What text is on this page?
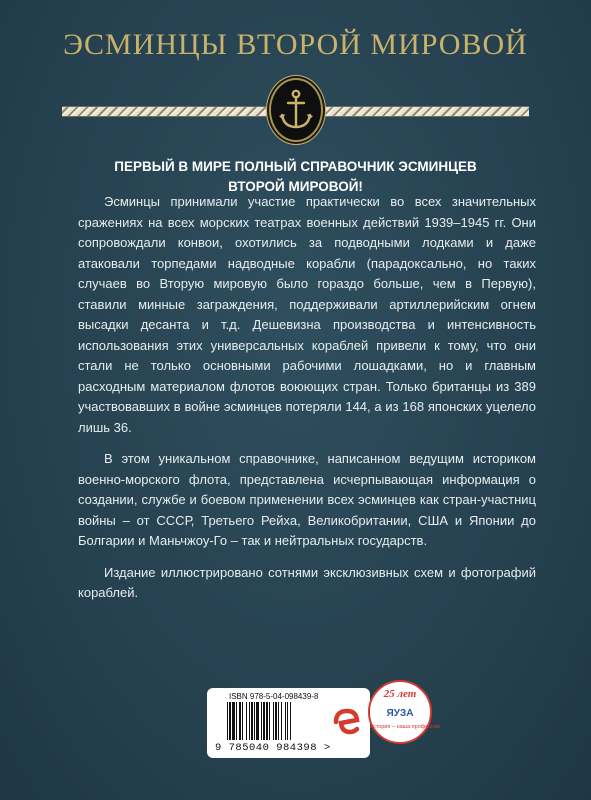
ЭСМИНЦЫ ВТОРОЙ МИРОВОЙ
ПЕРВЫЙ В МИРЕ ПОЛНЫЙ СПРАВОЧНИК ЭСМИНЦЕВ
ВТОРОЙ МИРОВОЙ!

Эсминцы принимали участие практически во всех значительных сражениях на всех морских театрах военных действий 1939–1945 гг. Они сопровождали конвои, охотились за подводными лодками и даже атаковали торпедами надводные корабли (парадоксально, но таких случаев во Вторую мировую было гораздо больше, чем в Первую), ставили минные заграждения, поддерживали артиллерийским огнем высадки десанта и т.д. Дешевизна производства и интенсивность использования этих универсальных кораблей привели к тому, что они стали не только основными рабочими лошадками, но и главным расходным материалом флотов воюющих стран. Только британцы из 389 участвовавших в войне эсминцев потеряли 144, а из 168 японских уцелело лишь 36.

В этом уникальном справочнике, написанном ведущим историком военно-морского флота, представлена исчерпывающая информация о создании, службе и боевом применении всех эсминцев как стран-участниц войны – от СССР, Третьего Рейха, Великобритании, США и Японии до Болгарии и Маньчжоу-Го – так и нейтральных государств.

Издание иллюстрировано сотнями эксклюзивных схем и фотографий кораблей.

ISBN 978-5-04-098439-8
9 785040 984398 >
25 лет
ЯУЗА
история – наша профессия
